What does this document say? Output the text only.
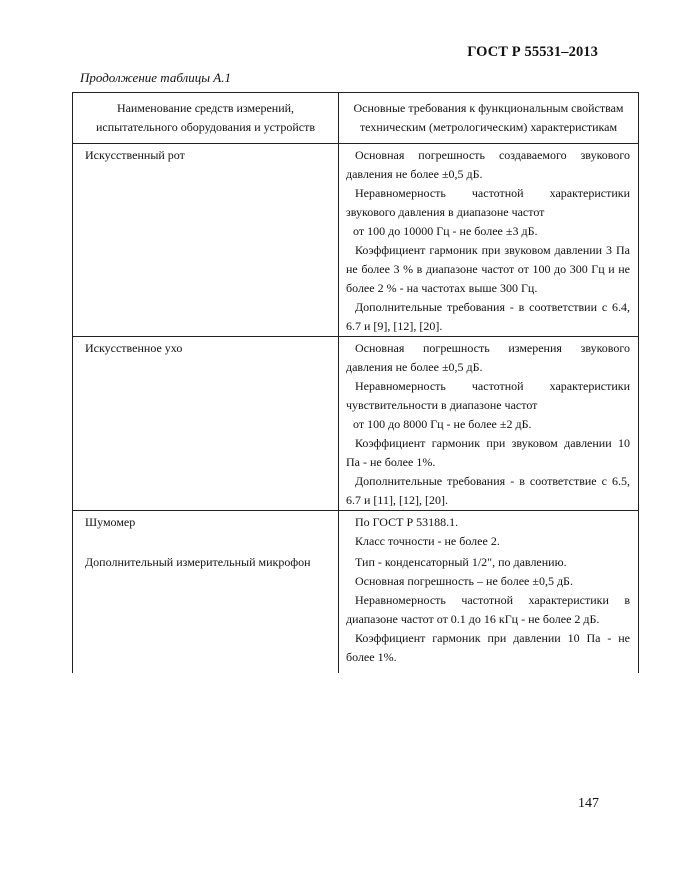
ГОСТ Р 55531–2013
Продолжение таблицы А.1
Наименование средств измерений, испытательного оборудования и устройств	Основные требования к функциональным свойствам техническим (метрологическим) характеристикам
Искусственный рот	Основная погрешность создаваемого звукового давления не более ±0,5 дБ.

Неравномерность частотной характеристики звукового давления в диапазоне частот

от 100 до 10000 Гц - не более ±3 дБ.

Коэффициент гармоник при звуковом давлении 3 Па не более 3 % в диапазоне частот от 100 до 300 Гц и не более 2 % - на частотах выше 300 Гц.

Дополнительные требования - в соответствии с 6.4, 6.7 и [9], [12], [20].

Искусственное ухо	Основная погрешность измерения звукового давления не более ±0,5 дБ.

Неравномерность частотной характеристики чувствительности в диапазоне частот

от 100 до 8000 Гц - не более ±2 дБ.

Коэффициент гармоник при звуковом давлении 10 Па - не более 1%.

Дополнительные требования - в соответствие с 6.5, 6.7 и [11], [12], [20].

Шумомер	По ГОСТ Р 53188.1.

Класс точности - не более 2.

Дополнительный измерительный микрофон	Тип - конденсаторный 1/2", по давлению.

Основная погрешность – не более ±0,5 дБ.

Неравномерность частотной характеристики в диапазоне частот от 0.1 до 16 кГц - не более 2 дБ.

Коэффициент гармоник при давлении 10 Па - не более 1%.

147
